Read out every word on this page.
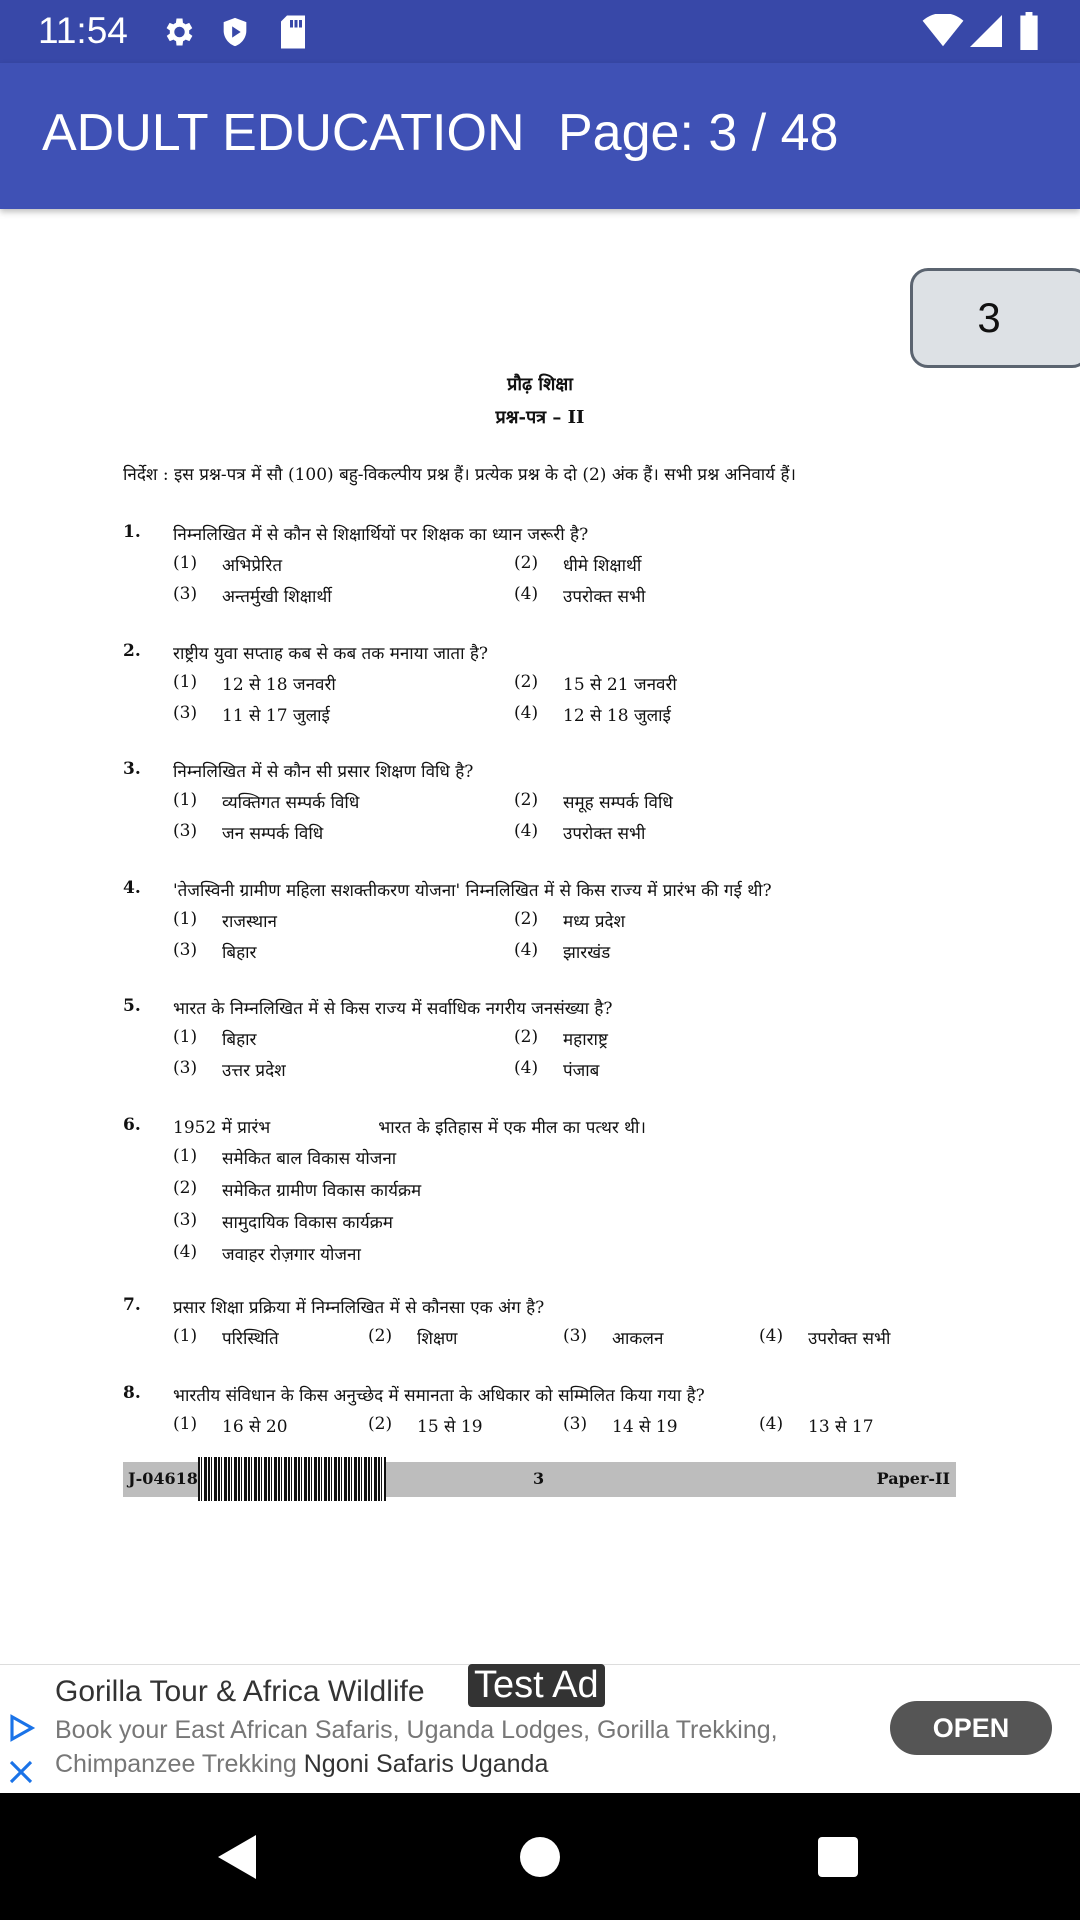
11:54
ADULT EDUCATION Page: 3 / 48
3
प्रौढ़ शिक्षा
प्रश्न-पत्र – II
निर्देश : इस प्रश्न-पत्र में सौ (100) बहु-विकल्पीय प्रश्न हैं। प्रत्येक प्रश्न के दो (2) अंक हैं। सभी प्रश्न अनिवार्य हैं।
1. निम्नलिखित में से कौन से शिक्षार्थियों पर शिक्षक का ध्यान जरूरी है?
(1) अभिप्रेरित	(2) धीमे शिक्षार्थी
(3) अन्तर्मुखी शिक्षार्थी	(4) उपरोक्त सभी
2. राष्ट्रीय युवा सप्ताह कब से कब तक मनाया जाता है?
(1) 12 से 18 जनवरी	(2) 15 से 21 जनवरी
(3) 11 से 17 जुलाई	(4) 12 से 18 जुलाई
3. निम्नलिखित में से कौन सी प्रसार शिक्षण विधि है?
(1) व्यक्तिगत सम्पर्क विधि	(2) समूह सम्पर्क विधि
(3) जन सम्पर्क विधि	(4) उपरोक्त सभी
4. 'तेजस्विनी ग्रामीण महिला सशक्तीकरण योजना' निम्नलिखित में से किस राज्य में प्रारंभ की गई थी?
(1) राजस्थान	(2) मध्य प्रदेश
(3) बिहार	(4) झारखंड
5. भारत के निम्नलिखित में से किस राज्य में सर्वाधिक नगरीय जनसंख्या है?
(1) बिहार	(2) महाराष्ट्र
(3) उत्तर प्रदेश	(4) पंजाब
6. 1952 में प्रारंभ                    भारत के इतिहास में एक मील का पत्थर थी।
(1) समेकित बाल विकास योजना
(2) समेकित ग्रामीण विकास कार्यक्रम
(3) सामुदायिक विकास कार्यक्रम
(4) जवाहर रोज़गार योजना
7. प्रसार शिक्षा प्रक्रिया में निम्नलिखित में से कौनसा एक अंग है?
(1) परिस्थिति	(2) शिक्षण	(3) आकलन	(4) उपरोक्त सभी
8. भारतीय संविधान के किस अनुच्छेद में समानता के अधिकार को सम्मिलित किया गया है?
(1) 16 से 20	(2) 15 से 19	(3) 14 से 19	(4) 13 से 17
J-04618	3	Paper-II
Gorilla Tour & Africa Wildlife Test Ad
Book your East African Safaris, Uganda Lodges, Gorilla Trekking, Chimpanzee Trekking Ngoni Safaris Uganda
OPEN
